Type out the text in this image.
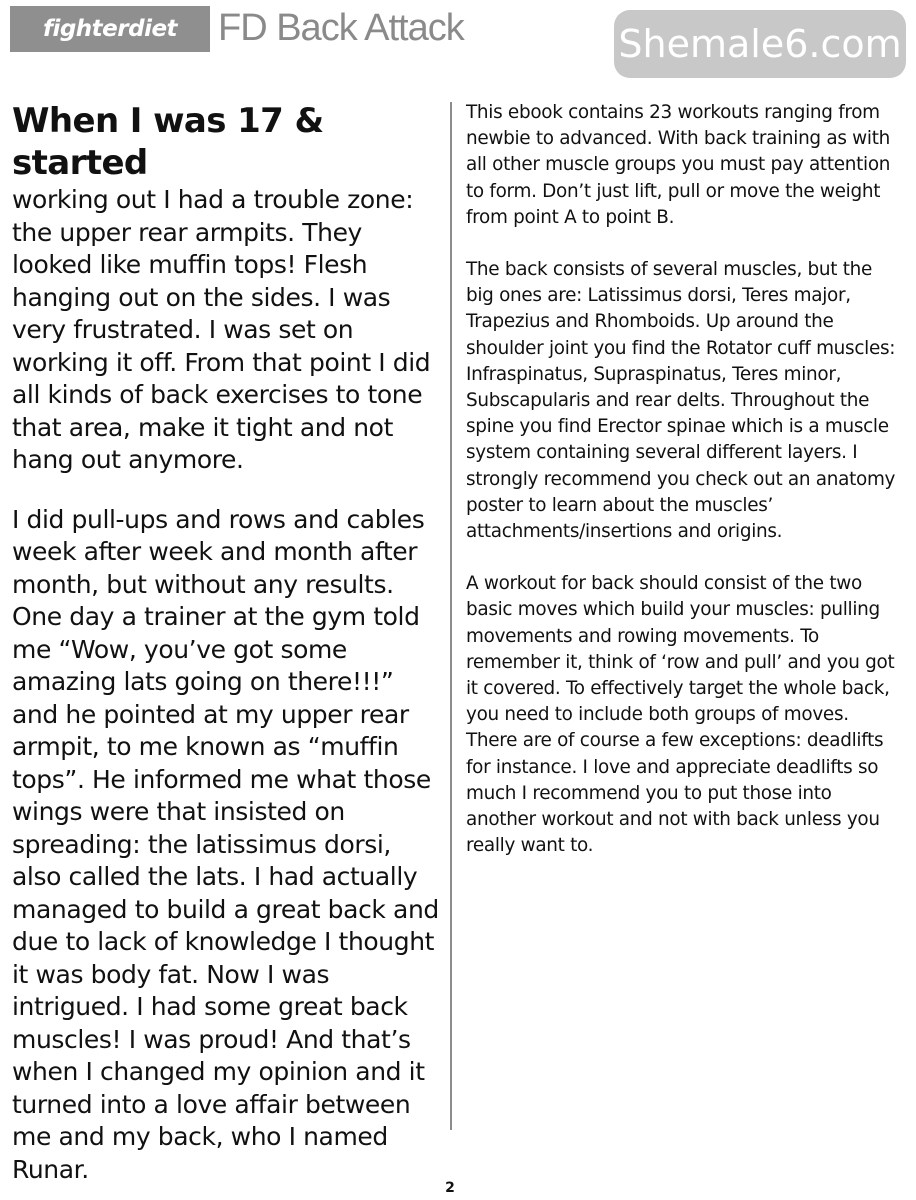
fighterdiet	FD Back Attack	Shemale6.com
When I was 17 & started

working out I had a trouble zone: the upper rear armpits. They looked like muffin tops! Flesh hanging out on the sides. I was very frustrated. I was set on working it off. From that point I did all kinds of back exercises to tone that area, make it tight and not hang out anymore.

I did pull-ups and rows and cables week after week and month after month, but without any results. One day a trainer at the gym told me “Wow, you’ve got some amazing lats going on there!!!” and he pointed at my upper rear armpit, to me known as “muffin tops”. He informed me what those wings were that insisted on spreading: the latissimus dorsi, also called the lats. I had actually managed to build a great back and due to lack of knowledge I thought it was body fat. Now I was intrigued. I had some great back muscles! I was proud! And that’s when I changed my opinion and it turned into a love affair between me and my back, who I named Runar.

This ebook contains 23 workouts ranging from newbie to advanced. With back training as with all other muscle groups you must pay attention to form. Don’t just lift, pull or move the weight from point A to point B.

The back consists of several muscles, but the big ones are: Latissimus dorsi, Teres major, Trapezius and Rhomboids. Up around the shoulder joint you find the Rotator cuff muscles: Infraspinatus, Supraspinatus, Teres minor, Subscapularis and rear delts. Throughout the spine you find Erector spinae which is a muscle system containing several different layers. I strongly recommend you check out an anatomy poster to learn about the muscles’ attachments/insertions and origins.

A workout for back should consist of the two basic moves which build your muscles: pulling movements and rowing movements. To remember it, think of ‘row and pull’ and you got it covered. To effectively target the whole back, you need to include both groups of moves. There are of course a few exceptions: deadlifts for instance. I love and appreciate deadlifts so much I recommend you to put those into another workout and not with back unless you really want to.

2
